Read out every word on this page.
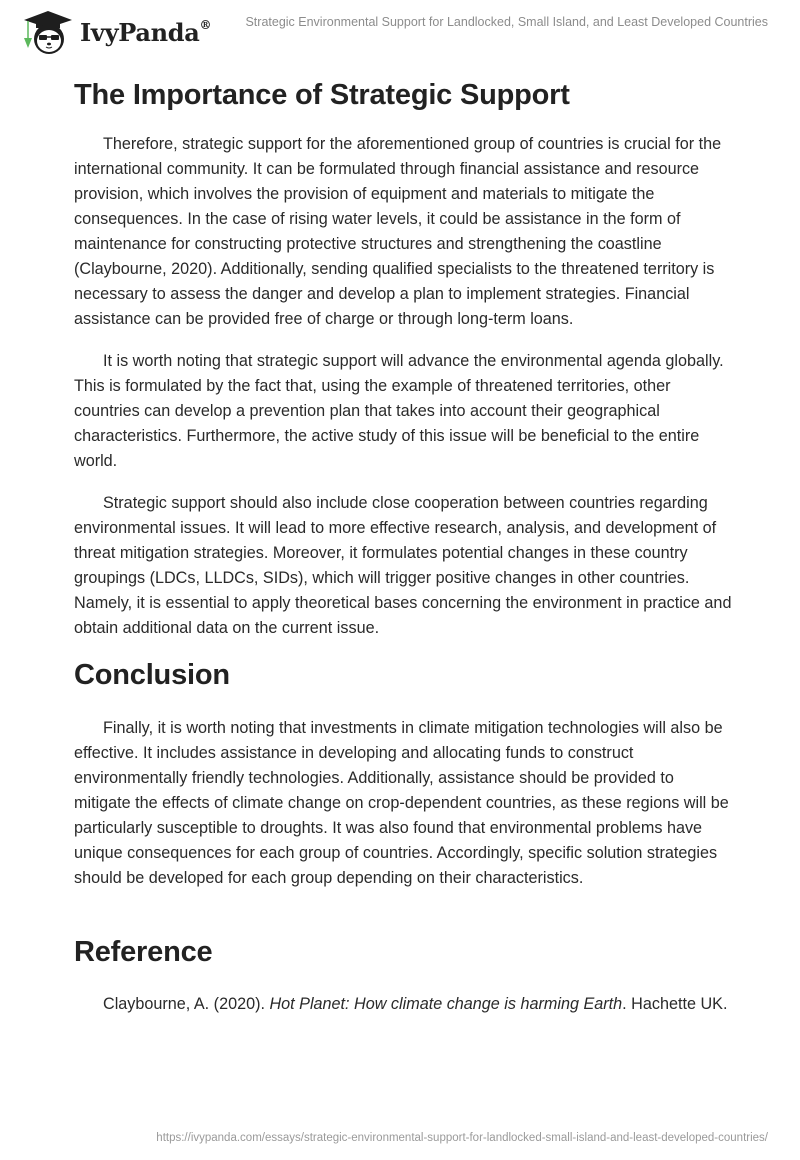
IvyPanda®	Strategic Environmental Support for Landlocked, Small Island, and Least Developed Countries
The Importance of Strategic Support

Therefore, strategic support for the aforementioned group of countries is crucial for the international community. It can be formulated through financial assistance and resource provision, which involves the provision of equipment and materials to mitigate the consequences. In the case of rising water levels, it could be assistance in the form of maintenance for constructing protective structures and strengthening the coastline (Claybourne, 2020). Additionally, sending qualified specialists to the threatened territory is necessary to assess the danger and develop a plan to implement strategies. Financial assistance can be provided free of charge or through long-term loans.

It is worth noting that strategic support will advance the environmental agenda globally. This is formulated by the fact that, using the example of threatened territories, other countries can develop a prevention plan that takes into account their geographical characteristics. Furthermore, the active study of this issue will be beneficial to the entire world.

Strategic support should also include close cooperation between countries regarding environmental issues. It will lead to more effective research, analysis, and development of threat mitigation strategies. Moreover, it formulates potential changes in these country groupings (LDCs, LLDCs, SIDs), which will trigger positive changes in other countries. Namely, it is essential to apply theoretical bases concerning the environment in practice and obtain additional data on the current issue.

Conclusion

Finally, it is worth noting that investments in climate mitigation technologies will also be effective. It includes assistance in developing and allocating funds to construct environmentally friendly technologies. Additionally, assistance should be provided to mitigate the effects of climate change on crop-dependent countries, as these regions will be particularly susceptible to droughts. It was also found that environmental problems have unique consequences for each group of countries. Accordingly, specific solution strategies should be developed for each group depending on their characteristics.

Reference

Claybourne, A. (2020). Hot Planet: How climate change is harming Earth. Hachette UK.

https://ivypanda.com/essays/strategic-environmental-support-for-landlocked-small-island-and-least-developed-countries/
